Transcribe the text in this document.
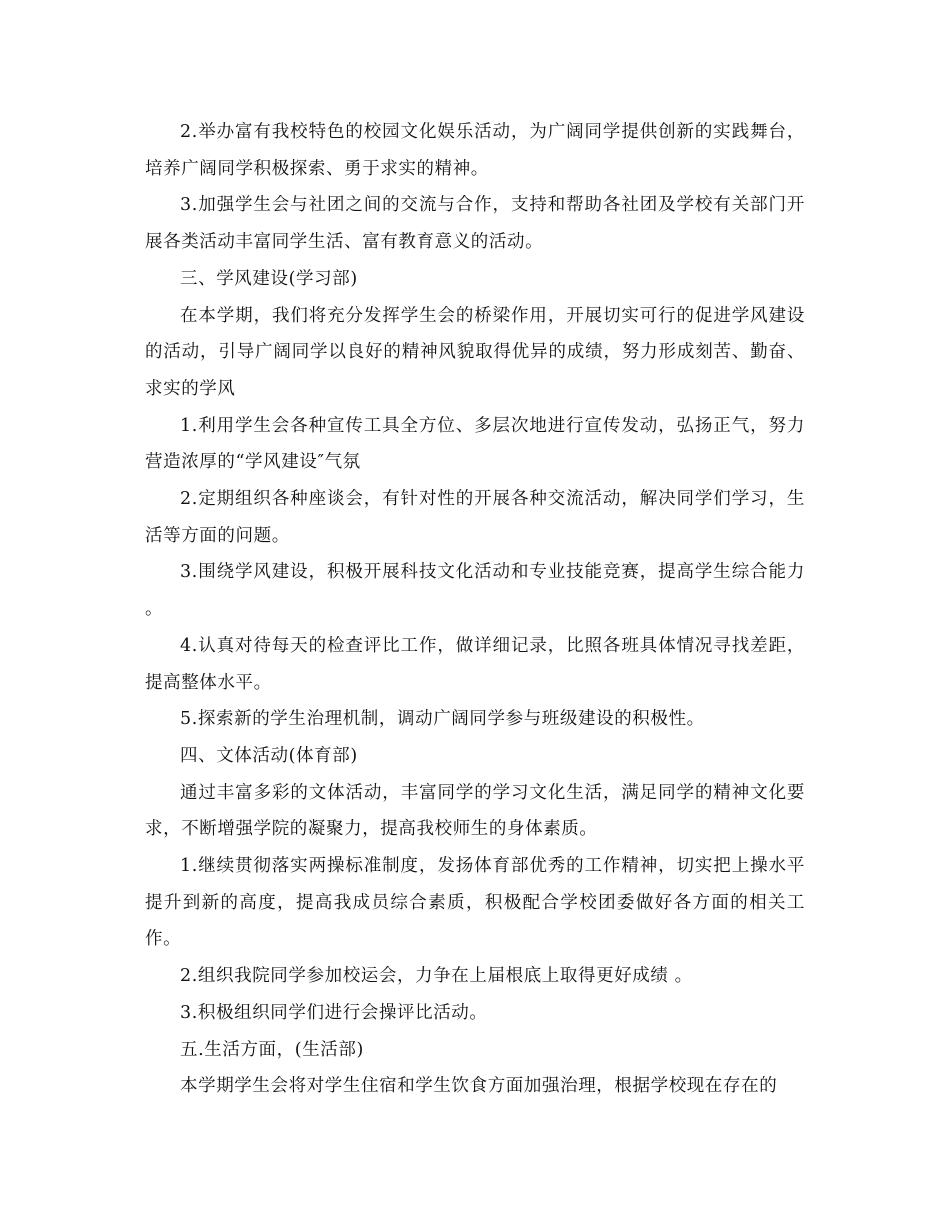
2.举办富有我校特色的校园文化娱乐活动，为广阔同学提供创新的实践舞台，培养广阔同学积极探索、勇于求实的精神。

3.加强学生会与社团之间的交流与合作，支持和帮助各社团及学校有关部门开展各类活动丰富同学生活、富有教育意义的活动。

三、学风建设(学习部)

在本学期，我们将充分发挥学生会的桥梁作用，开展切实可行的促进学风建设的活动，引导广阔同学以良好的精神风貌取得优异的成绩，努力形成刻苦、勤奋、求实的学风

1.利用学生会各种宣传工具全方位、多层次地进行宣传发动，弘扬正气，努力营造浓厚的“学风建设″气氛

2.定期组织各种座谈会，有针对性的开展各种交流活动，解决同学们学习，生活等方面的问题。

3.围绕学风建设，积极开展科技文化活动和专业技能竞赛，提高学生综合能力 。

4.认真对待每天的检查评比工作，做详细记录，比照各班具体情况寻找差距，提高整体水平。

5.探索新的学生治理机制，调动广阔同学参与班级建设的积极性。

四、文体活动(体育部)

通过丰富多彩的文体活动，丰富同学的学习文化生活，满足同学的精神文化要求，不断增强学院的凝聚力，提高我校师生的身体素质。

1.继续贯彻落实两操标准制度，发扬体育部优秀的工作精神，切实把上操水平提升到新的高度，提高我成员综合素质，积极配合学校团委做好各方面的相关工作。

2.组织我院同学参加校运会，力争在上届根底上取得更好成绩 。

3.积极组织同学们进行会操评比活动。

五.生活方面，(生活部)

本学期学生会将对学生住宿和学生饮食方面加强治理，根据学校现在存在的
